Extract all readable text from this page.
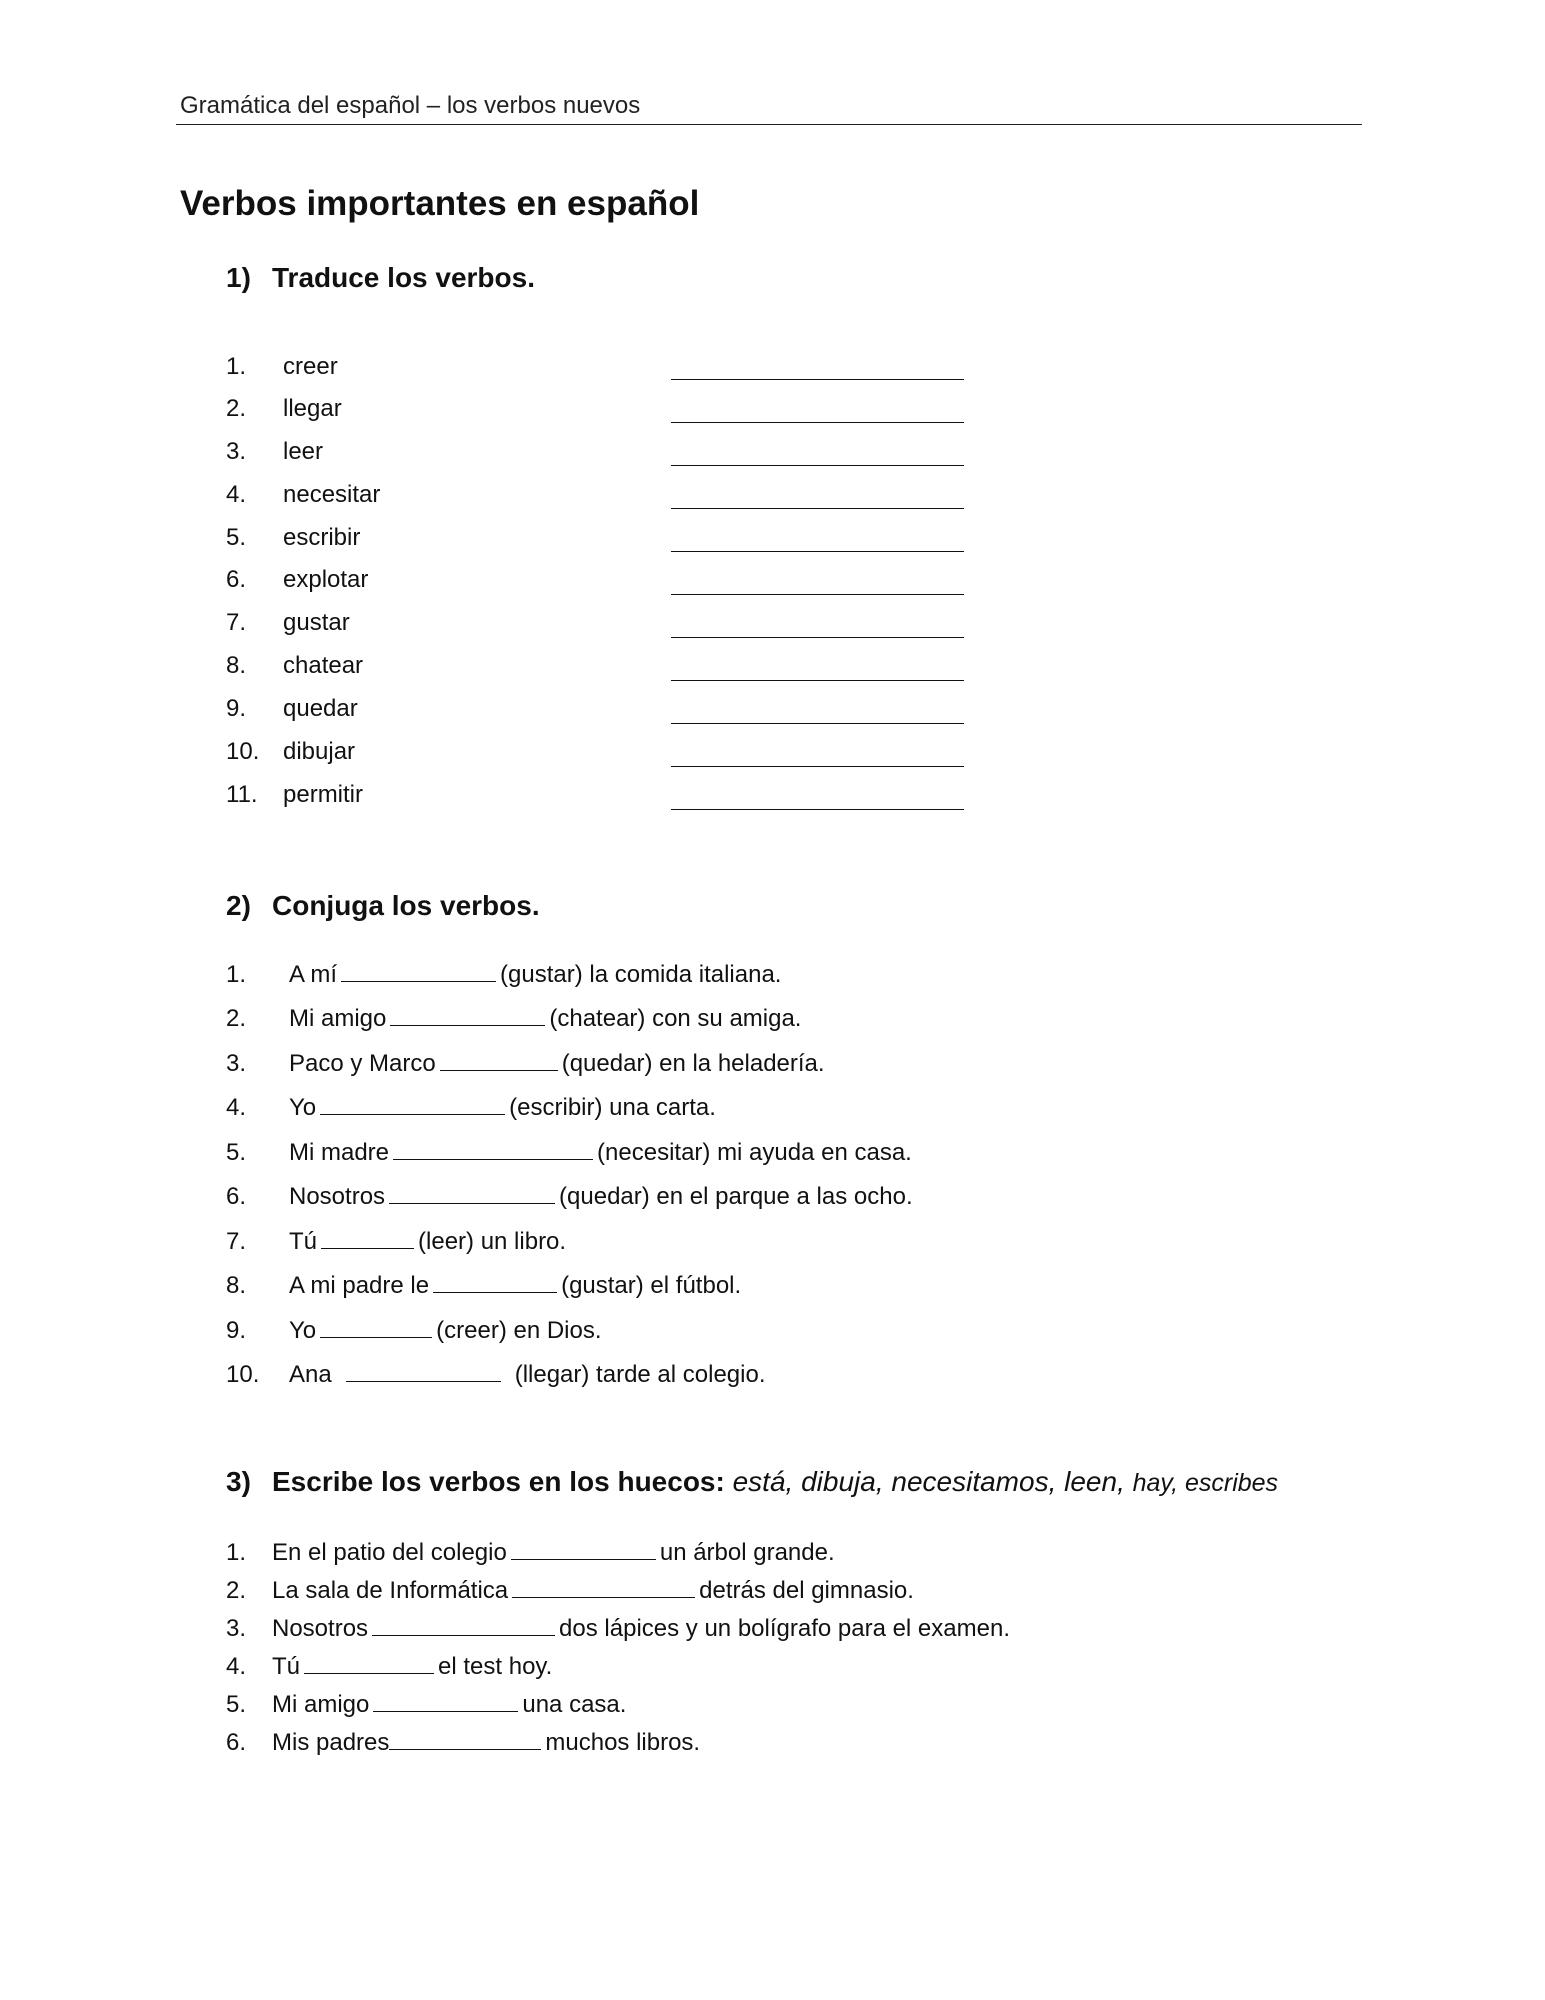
Gramática del español – los verbos nuevos
Verbos importantes en español
1) Traduce los verbos.
1. creer
2. llegar
3. leer
4. necesitar
5. escribir
6. explotar
7. gustar
8. chatear
9. quedar
10. dibujar
11. permitir
2) Conjuga los verbos.
1. A mí	(gustar) la comida italiana.
2. Mi amigo	(chatear) con su amiga.
3. Paco y Marco	(quedar) en la heladería.
4. Yo	(escribir) una carta.
5. Mi madre	(necesitar) mi ayuda en casa.
6. Nosotros	(quedar) en el parque a las ocho.
7. Tú	(leer) un libro.
8. A mi padre le	(gustar) el fútbol.
9. Yo	(creer) en Dios.
10. Ana	(llegar) tarde al colegio.
3) Escribe los verbos en los huecos: está, dibuja, necesitamos, leen, hay, escribes
1. En el patio del colegio	un árbol grande.
2. La sala de Informática	detrás del gimnasio.
3. Nosotros	dos lápices y un bolígrafo para el examen.
4. Tú	el test hoy.
5. Mi amigo	una casa.
6. Mis padres	muchos libros.
